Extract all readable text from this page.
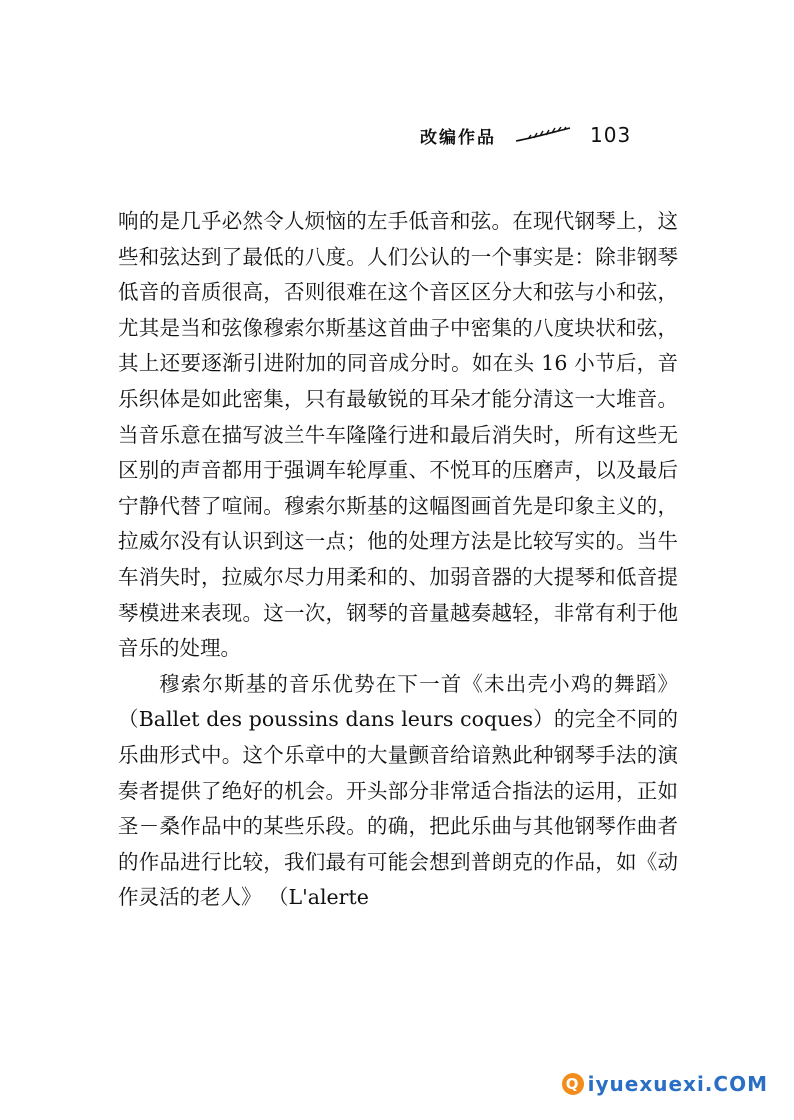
改编作品	103

响的是几乎必然令人烦恼的左手低音和弦。在现代钢琴上，这些和弦达到了最低的八度。人们公认的一个事实是：除非钢琴低音的音质很高，否则很难在这个音区区分大和弦与小和弦，尤其是当和弦像穆索尔斯基这首曲子中密集的八度块状和弦，其上还要逐渐引进附加的同音成分时。如在头 16 小节后，音乐织体是如此密集，只有最敏锐的耳朵才能分清这一大堆音。当音乐意在描写波兰牛车隆隆行进和最后消失时，所有这些无区别的声音都用于强调车轮厚重、不悦耳的压磨声，以及最后宁静代替了喧闹。穆索尔斯基的这幅图画首先是印象主义的，拉威尔没有认识到这一点；他的处理方法是比较写实的。当牛车消失时，拉威尔尽力用柔和的、加弱音器的大提琴和低音提琴模进来表现。这一次，钢琴的音量越奏越轻，非常有利于他音乐的处理。

穆索尔斯基的音乐优势在下一首《未出壳小鸡的舞蹈》（Ballet des poussins dans leurs coques）的完全不同的乐曲形式中。这个乐章中的大量颤音给谙熟此种钢琴手法的演奏者提供了绝好的机会。开头部分非常适合指法的运用，正如圣－桑作品中的某些乐段。的确，把此乐曲与其他钢琴作曲者的作品进行比较，我们最有可能会想到普朗克的作品，如《动作灵活的老人》 （L'alerte

Q iyuexuexi.COM
